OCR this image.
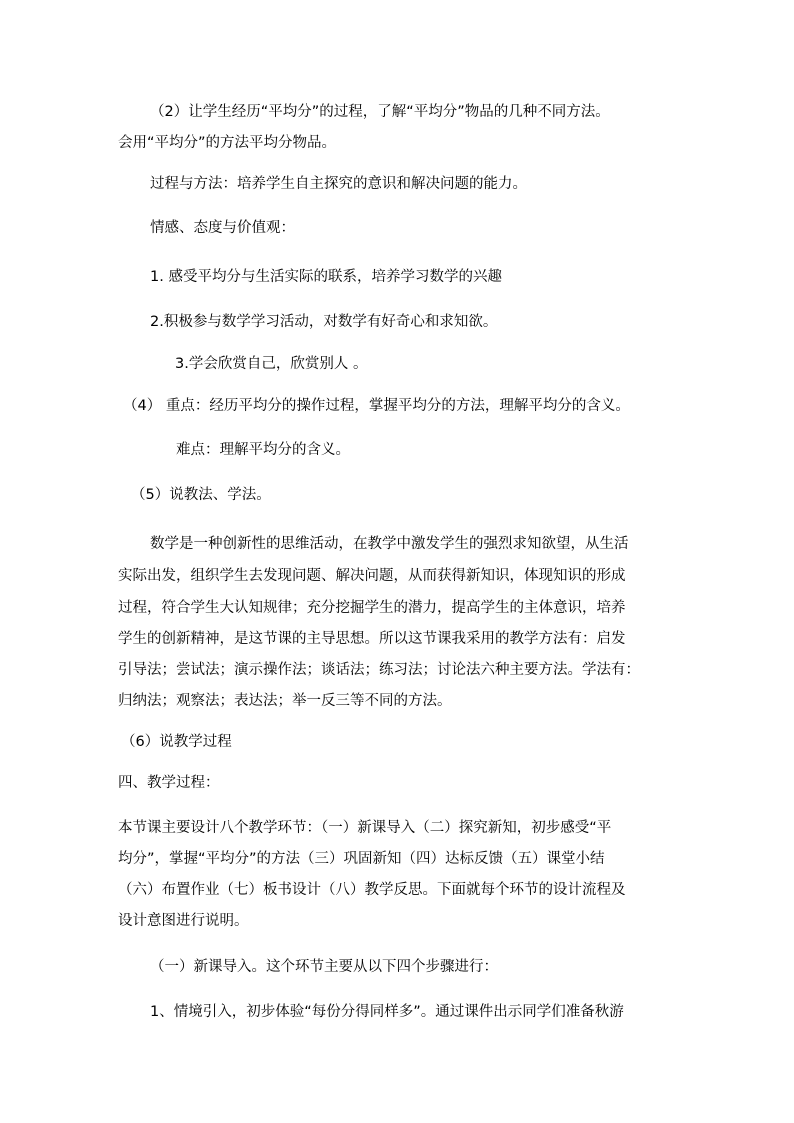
（2）让学生经历“平均分”的过程，了解“平均分”物品的几种不同方法。
会用“平均分”的方法平均分物品。
过程与方法：培养学生自主探究的意识和解决问题的能力。
情感、态度与价值观：
1. 感受平均分与生活实际的联系，培养学习数学的兴趣
2.积极参与数学学习活动，对数学有好奇心和求知欲。
3.学会欣赏自己，欣赏别人 。
（4） 重点：经历平均分的操作过程，掌握平均分的方法，理解平均分的含义。
难点：理解平均分的含义。
（5）说教法、学法。
数学是一种创新性的思维活动，在教学中激发学生的强烈求知欲望，从生活
实际出发，组织学生去发现问题、解决问题，从而获得新知识，体现知识的形成
过程，符合学生大认知规律；充分挖掘学生的潜力，提高学生的主体意识，培养
学生的创新精神，是这节课的主导思想。所以这节课我采用的教学方法有：启发
引导法；尝试法；演示操作法；谈话法；练习法；讨论法六种主要方法。学法有：
归纳法；观察法；表达法；举一反三等不同的方法。
（6）说教学过程
四、教学过程：
本节课主要设计八个教学环节：（一）新课导入（二）探究新知，初步感受“平
均分”，掌握“平均分”的方法（三）巩固新知（四）达标反馈（五）课堂小结
（六）布置作业（七）板书设计（八）教学反思。下面就每个环节的设计流程及
设计意图进行说明。
（一）新课导入。这个环节主要从以下四个步骤进行：
1、情境引入，初步体验“每份分得同样多”。通过课件出示同学们准备秋游
